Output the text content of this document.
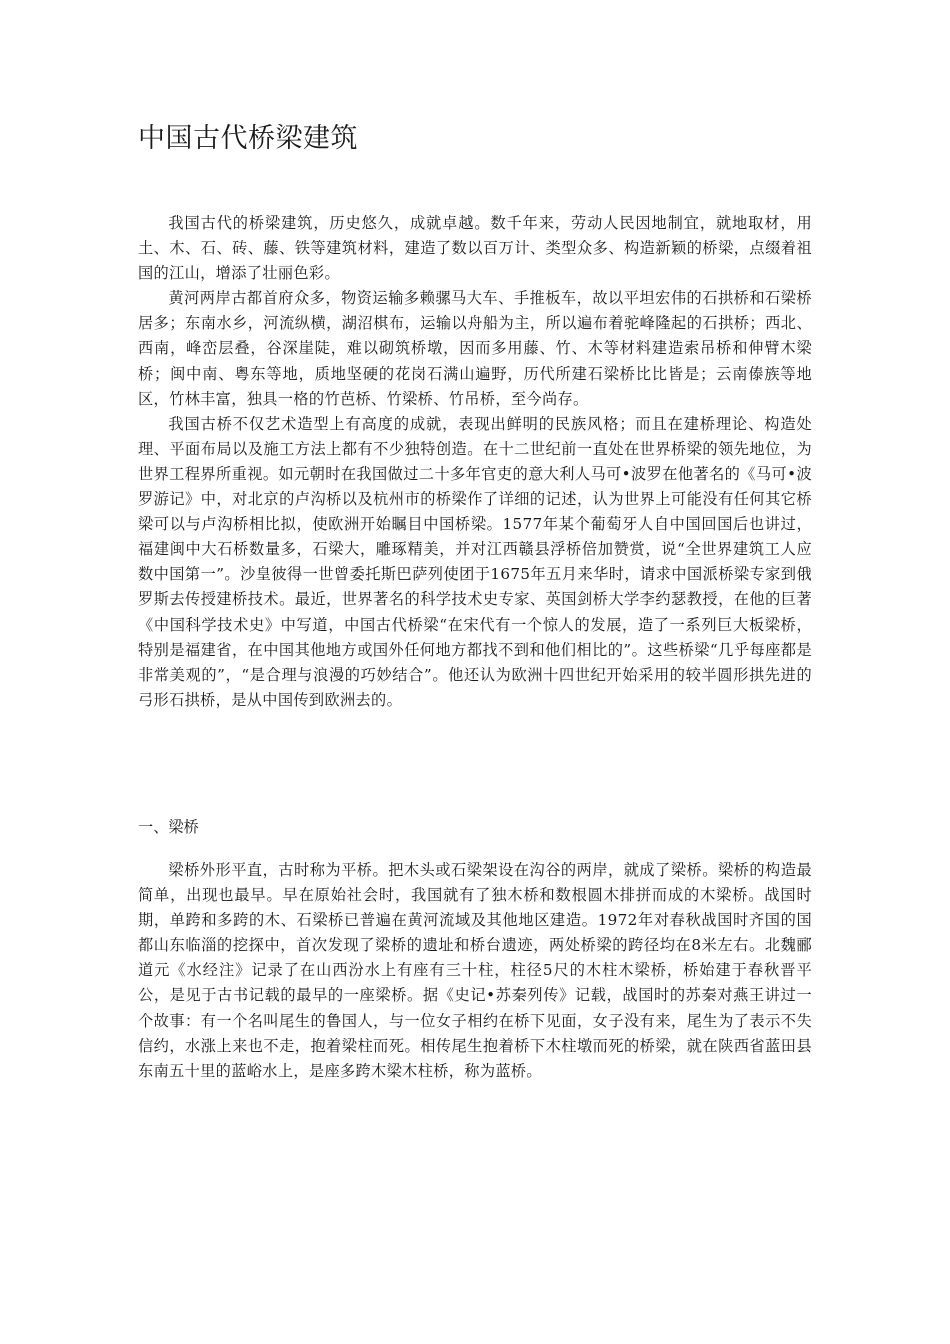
中国古代桥梁建筑

我国古代的桥梁建筑，历史悠久，成就卓越。数千年来，劳动人民因地制宜，就地取材，用土、木、石、砖、藤、铁等建筑材料，建造了数以百万计、类型众多、构造新颖的桥梁，点缀着祖国的江山，增添了壮丽色彩。

黄河两岸古都首府众多，物资运输多赖骡马大车、手推板车，故以平坦宏伟的石拱桥和石梁桥居多；东南水乡，河流纵横，湖沼棋布，运输以舟船为主，所以遍布着驼峰隆起的石拱桥；西北、西南，峰峦层叠，谷深崖陡，难以砌筑桥墩，因而多用藤、竹、木等材料建造索吊桥和伸臂木梁桥；闽中南、粤东等地，质地坚硬的花岗石满山遍野，历代所建石梁桥比比皆是；云南傣族等地区，竹林丰富，独具一格的竹芭桥、竹梁桥、竹吊桥，至今尚存。

我国古桥不仅艺术造型上有高度的成就，表现出鲜明的民族风格；而且在建桥理论、构造处理、平面布局以及施工方法上都有不少独特创造。在十二世纪前一直处在世界桥梁的领先地位，为世界工程界所重视。如元朝时在我国做过二十多年官吏的意大利人马可•波罗在他著名的《马可•波罗游记》中，对北京的卢沟桥以及杭州市的桥梁作了详细的记述，认为世界上可能没有任何其它桥梁可以与卢沟桥相比拟，使欧洲开始瞩目中国桥梁。1577年某个葡萄牙人自中国回国后也讲过，福建闽中大石桥数量多，石梁大，雕琢精美，并对江西赣县浮桥倍加赞赏，说“全世界建筑工人应数中国第一”。沙皇彼得一世曾委托斯巴萨列使团于1675年五月来华时，请求中国派桥梁专家到俄罗斯去传授建桥技术。最近，世界著名的科学技术史专家、英国剑桥大学李约瑟教授，在他的巨著《中国科学技术史》中写道，中国古代桥梁“在宋代有一个惊人的发展，造了一系列巨大板梁桥，特别是福建省，在中国其他地方或国外任何地方都找不到和他们相比的”。这些桥梁“几乎每座都是非常美观的”，“是合理与浪漫的巧妙结合”。他还认为欧洲十四世纪开始采用的较半圆形拱先进的弓形石拱桥，是从中国传到欧洲去的。

一、梁桥

梁桥外形平直，古时称为平桥。把木头或石梁架设在沟谷的两岸，就成了梁桥。梁桥的构造最简单，出现也最早。早在原始社会时，我国就有了独木桥和数根圆木排拼而成的木梁桥。战国时期，单跨和多跨的木、石梁桥已普遍在黄河流域及其他地区建造。1972年对春秋战国时齐国的国都山东临淄的挖探中，首次发现了梁桥的遗址和桥台遗迹，两处桥梁的跨径均在8米左右。北魏郦道元《水经注》记录了在山西汾水上有座有三十柱，柱径5尺的木柱木梁桥，桥始建于春秋晋平公，是见于古书记载的最早的一座梁桥。据《史记•苏秦列传》记载，战国时的苏秦对燕王讲过一个故事：有一个名叫尾生的鲁国人，与一位女子相约在桥下见面，女子没有来，尾生为了表示不失信约，水涨上来也不走，抱着梁柱而死。相传尾生抱着桥下木柱墩而死的桥梁，就在陕西省蓝田县东南五十里的蓝峪水上，是座多跨木梁木柱桥，称为蓝桥。
